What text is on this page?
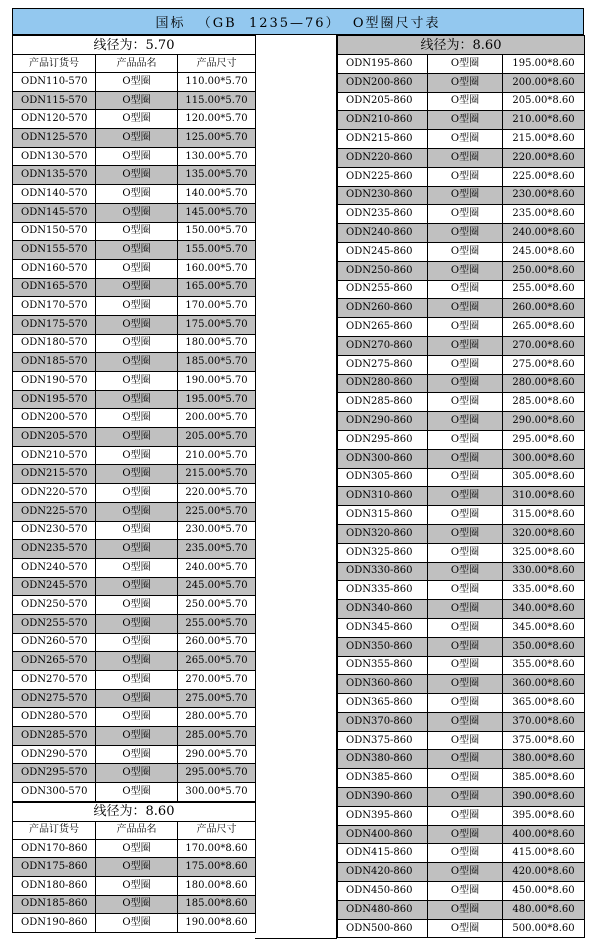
国标  （GB  1235—76）  O型圈尺寸表
线径为：5.70		
产品订货号	产品品名	产品尺寸
ODN110-570	O型圈	110.00*5.70
ODN115-570	O型圈	115.00*5.70
ODN120-570	O型圈	120.00*5.70
ODN125-570	O型圈	125.00*5.70
ODN130-570	O型圈	130.00*5.70
ODN135-570	O型圈	135.00*5.70
ODN140-570	O型圈	140.00*5.70
ODN145-570	O型圈	145.00*5.70
ODN150-570	O型圈	150.00*5.70
ODN155-570	O型圈	155.00*5.70
ODN160-570	O型圈	160.00*5.70
ODN165-570	O型圈	165.00*5.70
ODN170-570	O型圈	170.00*5.70
ODN175-570	O型圈	175.00*5.70
ODN180-570	O型圈	180.00*5.70
ODN185-570	O型圈	185.00*5.70
ODN190-570	O型圈	190.00*5.70
ODN195-570	O型圈	195.00*5.70
ODN200-570	O型圈	200.00*5.70
ODN205-570	O型圈	205.00*5.70
ODN210-570	O型圈	210.00*5.70
ODN215-570	O型圈	215.00*5.70
ODN220-570	O型圈	220.00*5.70
ODN225-570	O型圈	225.00*5.70
ODN230-570	O型圈	230.00*5.70
ODN235-570	O型圈	235.00*5.70
ODN240-570	O型圈	240.00*5.70
ODN245-570	O型圈	245.00*5.70
ODN250-570	O型圈	250.00*5.70
ODN255-570	O型圈	255.00*5.70
ODN260-570	O型圈	260.00*5.70
ODN265-570	O型圈	265.00*5.70
ODN270-570	O型圈	270.00*5.70
ODN275-570	O型圈	275.00*5.70
ODN280-570	O型圈	280.00*5.70
ODN285-570	O型圈	285.00*5.70
ODN290-570	O型圈	290.00*5.70
ODN295-570	O型圈	295.00*5.70
ODN300-570	O型圈	300.00*5.70
线径为：8.60		
产品订货号	产品品名	产品尺寸
ODN170-860	O型圈	170.00*8.60
ODN175-860	O型圈	175.00*8.60
ODN180-860	O型圈	180.00*8.60
ODN185-860	O型圈	185.00*8.60
ODN190-860	O型圈	190.00*8.60
线径为：8.60		
ODN195-860	O型圈	195.00*8.60
ODN200-860	O型圈	200.00*8.60
ODN205-860	O型圈	205.00*8.60
ODN210-860	O型圈	210.00*8.60
ODN215-860	O型圈	215.00*8.60
ODN220-860	O型圈	220.00*8.60
ODN225-860	O型圈	225.00*8.60
ODN230-860	O型圈	230.00*8.60
ODN235-860	O型圈	235.00*8.60
ODN240-860	O型圈	240.00*8.60
ODN245-860	O型圈	245.00*8.60
ODN250-860	O型圈	250.00*8.60
ODN255-860	O型圈	255.00*8.60
ODN260-860	O型圈	260.00*8.60
ODN265-860	O型圈	265.00*8.60
ODN270-860	O型圈	270.00*8.60
ODN275-860	O型圈	275.00*8.60
ODN280-860	O型圈	280.00*8.60
ODN285-860	O型圈	285.00*8.60
ODN290-860	O型圈	290.00*8.60
ODN295-860	O型圈	295.00*8.60
ODN300-860	O型圈	300.00*8.60
ODN305-860	O型圈	305.00*8.60
ODN310-860	O型圈	310.00*8.60
ODN315-860	O型圈	315.00*8.60
ODN320-860	O型圈	320.00*8.60
ODN325-860	O型圈	325.00*8.60
ODN330-860	O型圈	330.00*8.60
ODN335-860	O型圈	335.00*8.60
ODN340-860	O型圈	340.00*8.60
ODN345-860	O型圈	345.00*8.60
ODN350-860	O型圈	350.00*8.60
ODN355-860	O型圈	355.00*8.60
ODN360-860	O型圈	360.00*8.60
ODN365-860	O型圈	365.00*8.60
ODN370-860	O型圈	370.00*8.60
ODN375-860	O型圈	375.00*8.60
ODN380-860	O型圈	380.00*8.60
ODN385-860	O型圈	385.00*8.60
ODN390-860	O型圈	390.00*8.60
ODN395-860	O型圈	395.00*8.60
ODN400-860	O型圈	400.00*8.60
ODN415-860	O型圈	415.00*8.60
ODN420-860	O型圈	420.00*8.60
ODN450-860	O型圈	450.00*8.60
ODN480-860	O型圈	480.00*8.60
ODN500-860	O型圈	500.00*8.60
